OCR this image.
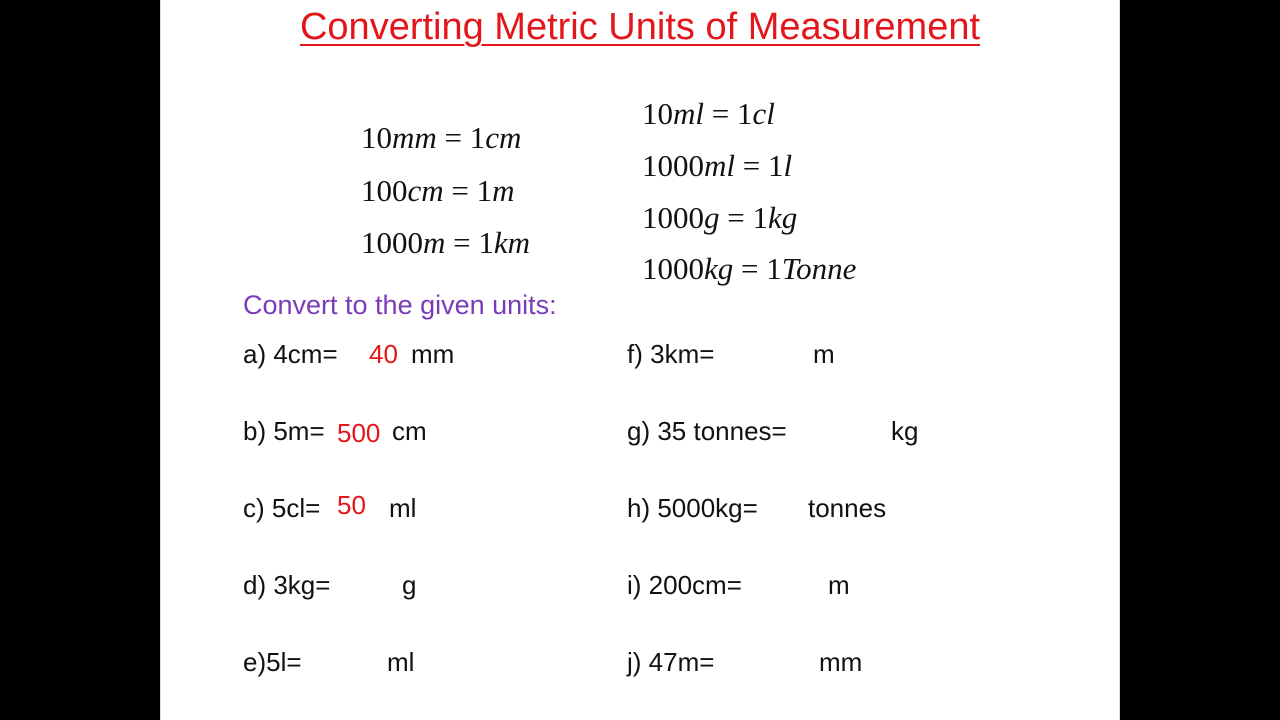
Converting Metric Units of Measurement
10mm = 1cm
100cm = 1m
1000m = 1km
10ml = 1cl
1000ml = 1l
1000g = 1kg
1000kg = 1Tonne
Convert to the given units:
a) 4cm= 40 mm
b) 5m= 500 cm
c) 5cl= 50 ml
d) 3kg=	g
e)5l=	ml
f) 3km=	m
g) 35 tonnes=	kg
h) 5000kg= tonnes
i) 200cm=	m
j) 47m=	mm
